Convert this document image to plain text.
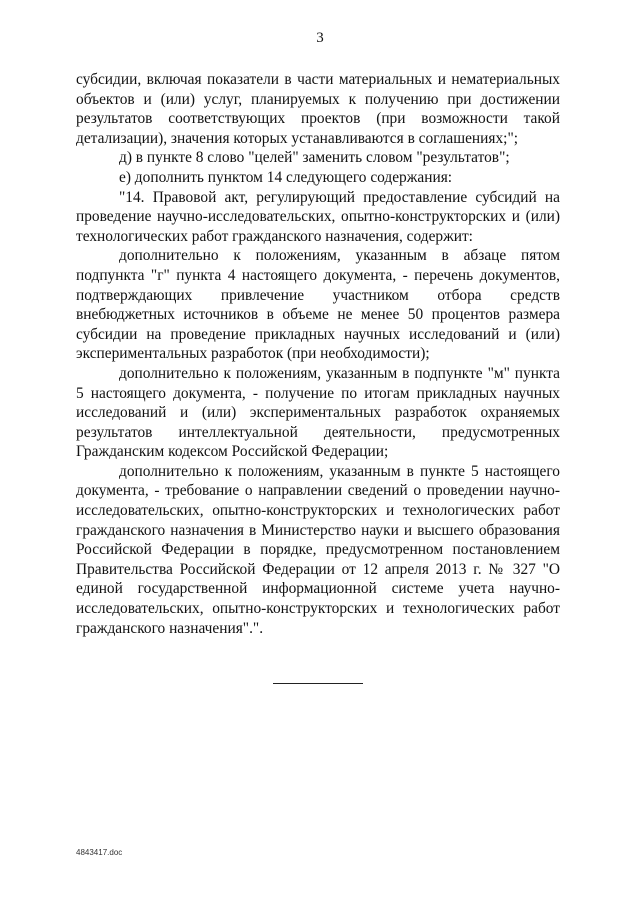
3

субсидии, включая показатели в части материальных и нематериальных объектов и (или) услуг, планируемых к получению при достижении результатов соответствующих проектов (при возможности такой детализации), значения которых устанавливаются в соглашениях;";

д) в пункте 8 слово "целей" заменить словом "результатов";

е) дополнить пунктом 14 следующего содержания:

"14. Правовой акт, регулирующий предоставление субсидий на проведение научно-исследовательских, опытно-конструкторских и (или) технологических работ гражданского назначения, содержит:

дополнительно к положениям, указанным в абзаце пятом подпункта "г" пункта 4 настоящего документа, - перечень документов, подтверждающих привлечение участником отбора средств внебюджетных источников в объеме не менее 50 процентов размера субсидии на проведение прикладных научных исследований и (или) экспериментальных разработок (при необходимости);

дополнительно к положениям, указанным в подпункте "м" пункта 5 настоящего документа, - получение по итогам прикладных научных исследований и (или) экспериментальных разработок охраняемых результатов интеллектуальной деятельности, предусмотренных Гражданским кодексом Российской Федерации;

дополнительно к положениям, указанным в пункте 5 настоящего документа, - требование о направлении сведений о проведении научно-исследовательских, опытно-конструкторских и технологических работ гражданского назначения в Министерство науки и высшего образования Российской Федерации в порядке, предусмотренном постановлением Правительства Российской Федерации от 12 апреля 2013 г. № 327 "О единой государственной информационной системе учета научно-исследовательских, опытно-конструкторских и технологических работ гражданского назначения".".

4843417.doc
